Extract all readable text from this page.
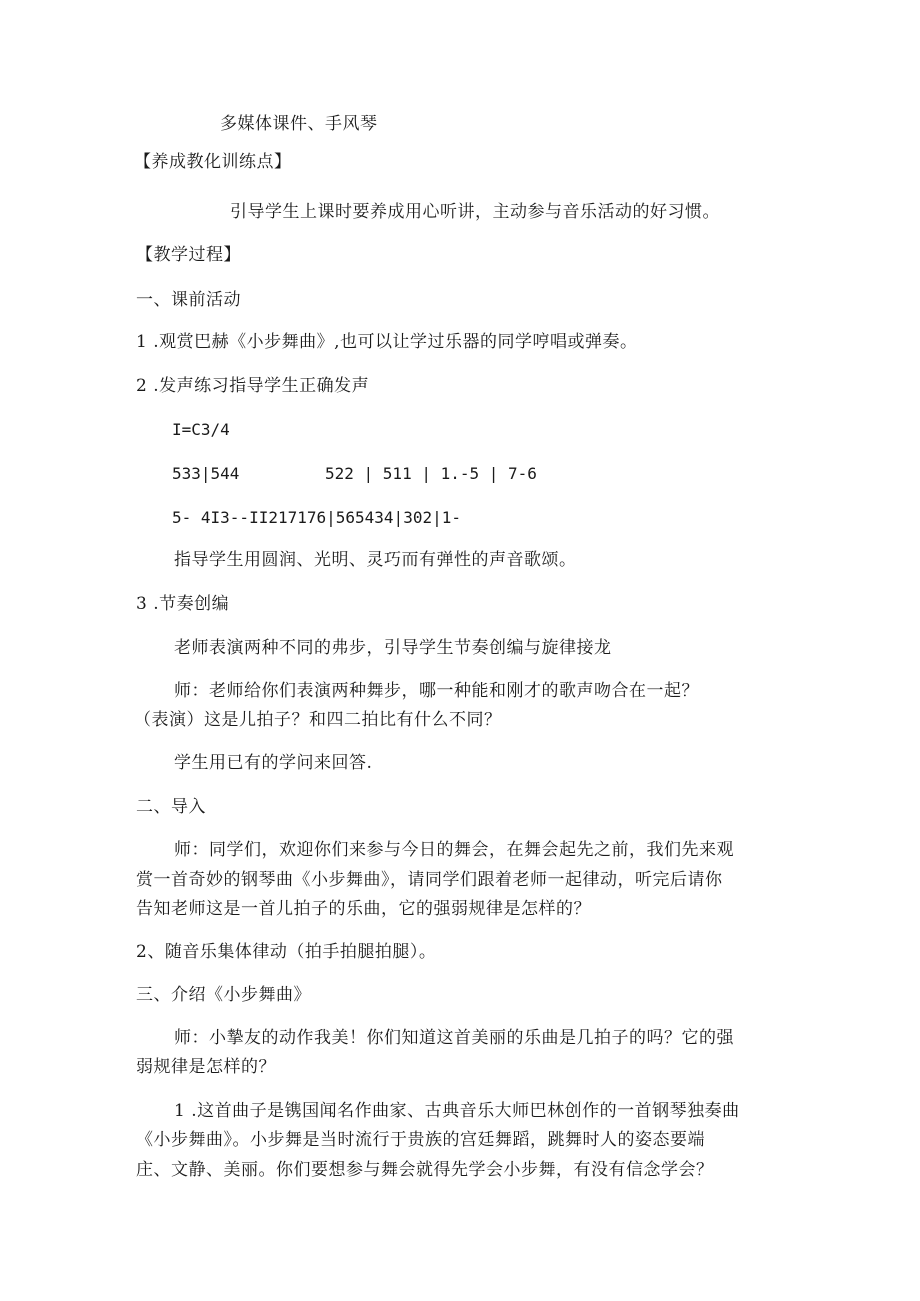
多媒体课件、手风琴
【养成教化训练点】
引导学生上课时要养成用心听讲，主动参与音乐活动的好习惯。
【教学过程】
一、课前活动
1 .观赏巴赫《小步舞曲》,也可以让学过乐器的同学哼唱或弹奏。
2 .发声练习指导学生正确发声
I=C3/4
533|544	522 | 511 | 1.-5 | 7-6
5- 4I3--II217176|565434|302|1-
指导学生用圆润、光明、灵巧而有弹性的声音歌颂。
3 .节奏创编
老师表演两种不同的弗步，引导学生节奏创编与旋律接龙
师：老师给你们表演两种舞步，哪一种能和刚才的歌声吻合在一起？
（表演）这是儿拍子？和四二拍比有什么不同？
学生用已有的学问来回答.
二、导入
师：同学们，欢迎你们来参与今日的舞会，在舞会起先之前，我们先来观
赏一首奇妙的钢琴曲《小步舞曲》，请同学们跟着老师一起律动，听完后请你
告知老师这是一首儿拍子的乐曲，它的强弱规律是怎样的？
2、随音乐集体律动（拍手拍腿拍腿）。
三、介绍《小步舞曲》
师：小摯友的动作我美！你们知道这首美丽的乐曲是几拍子的吗？它的强
弱规律是怎样的？
1 .这首曲子是镌国闻名作曲家、古典音乐大师巴林创作的一首钢琴独奏曲
《小步舞曲》。小步舞是当时流行于贵族的宫廷舞蹈，跳舞时人的姿态要端
庄、文静、美丽。你们要想参与舞会就得先学会小步舞，有没有信念学会？
